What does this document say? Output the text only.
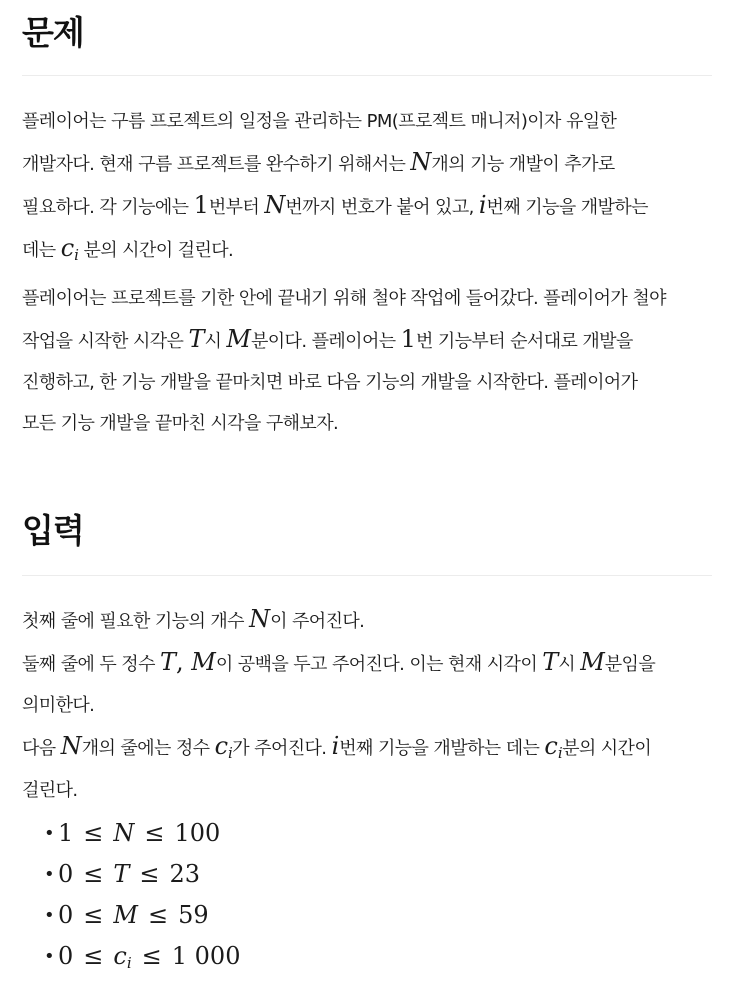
문제
플레이어는 구름 프로젝트의 일정을 관리하는 PM(프로젝트 매니저)이자 유일한
개발자다. 현재 구름 프로젝트를 완수하기 위해서는 N개의 기능 개발이 추가로
필요하다. 각 기능에는 1번부터 N번까지 번호가 붙어 있고, i번째 기능을 개발하는
데는 $c_i$ 분의 시간이 걸린다.
플레이어는 프로젝트를 기한 안에 끝내기 위해 철야 작업에 들어갔다. 플레이어가 철야
작업을 시작한 시각은 T시 M분이다. 플레이어는 1번 기능부터 순서대로 개발을
진행하고, 한 기능 개발을 끝마치면 바로 다음 기능의 개발을 시작한다. 플레이어가
모든 기능 개발을 끝마친 시각을 구해보자.
입력
첫째 줄에 필요한 기능의 개수 N이 주어진다.
둘째 줄에 두 정수 T, M이 공백을 두고 주어진다. 이는 현재 시각이 T시 M분임을
의미한다.
다음 N개의 줄에는 정수 $c_i$가 주어진다. i번째 기능을 개발하는 데는 $c_i$분의 시간이
걸린다.
• 1 ≤ N ≤ 100
• 0 ≤ T ≤ 23
• 0 ≤ M ≤ 59
• 0 ≤ ci ≤ 1 000
